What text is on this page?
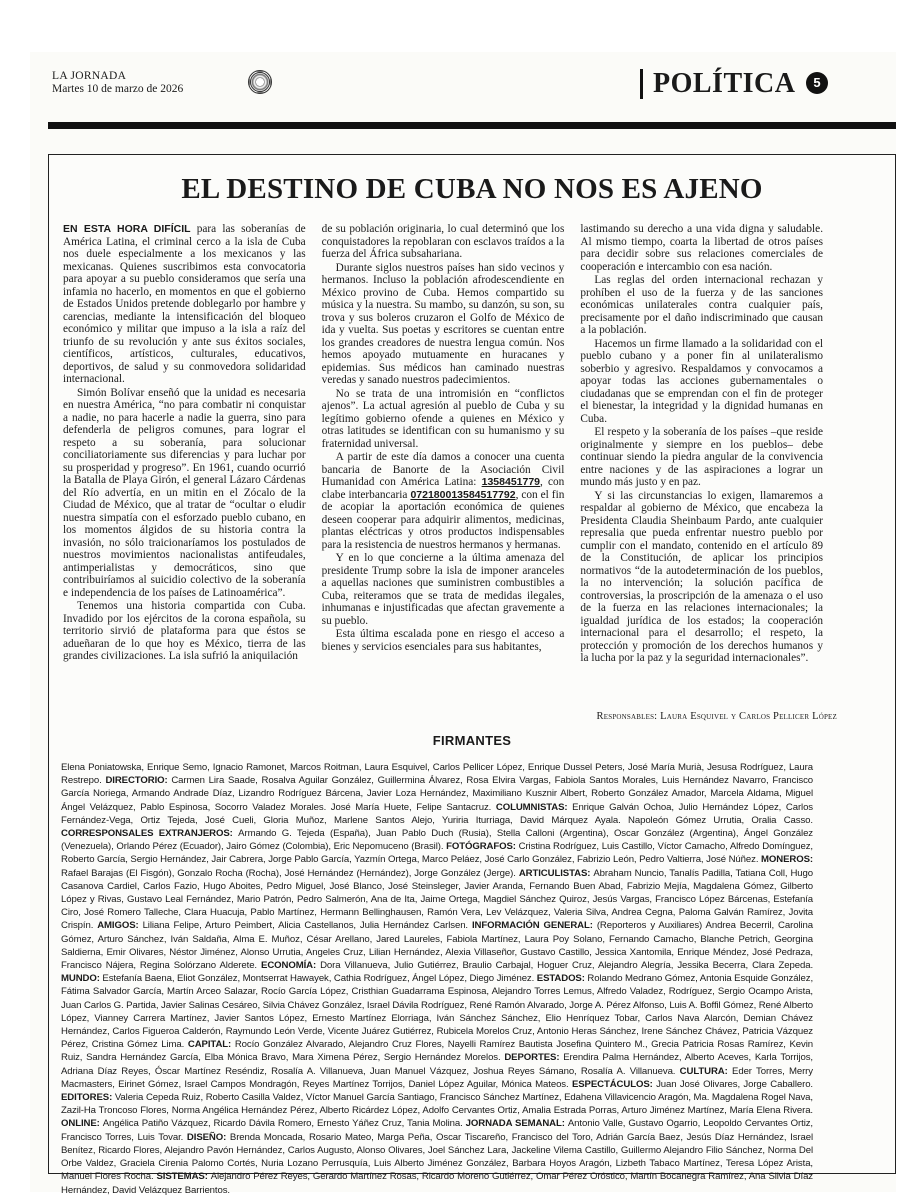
LA JORNADA
Martes 10 de marzo de 2026	POLÍTICA	5
EL DESTINO DE CUBA NO NOS ES AJENO

EN ESTA HORA DIFÍCIL para las soberanías de América Latina, el criminal cerco a la isla de Cuba nos duele especialmente a los mexicanos y las mexicanas. Quienes suscribimos esta convocatoria para apoyar a su pueblo consideramos que sería una infamia no hacerlo, en momentos en que el gobierno de Estados Unidos pretende doblegarlo por hambre y carencias, mediante la intensificación del bloqueo económico y militar que impuso a la isla a raíz del triunfo de su revolución y ante sus éxitos sociales, científicos, artísticos, culturales, educativos, deportivos, de salud y su conmovedora solidaridad internacional.

Simón Bolívar enseñó que la unidad es necesaria en nuestra América, “no para combatir ni conquistar a nadie, no para hacerle a nadie la guerra, sino para defenderla de peligros comunes, para lograr el respeto a su soberanía, para solucionar conciliatoriamente sus diferencias y para luchar por su prosperidad y progreso”. En 1961, cuando ocurrió la Batalla de Playa Girón, el general Lázaro Cárdenas del Río advertía, en un mitin en el Zócalo de la Ciudad de México, que al tratar de “ocultar o eludir nuestra simpatía con el esforzado pueblo cubano, en los momentos álgidos de su historia contra la invasión, no sólo traicionaríamos los postulados de nuestros movimientos nacionalistas antifeudales, antimperialistas y democráticos, sino que contribuiríamos al suicidio colectivo de la soberanía e independencia de los países de Latinoamérica”.

Tenemos una historia compartida con Cuba. Invadido por los ejércitos de la corona española, su territorio sirvió de plataforma para que éstos se adueñaran de lo que hoy es México, tierra de las grandes civilizaciones. La isla sufrió la aniquilación

de su población originaria, lo cual determinó que los conquistadores la repoblaran con esclavos traídos a la fuerza del África subsahariana.

Durante siglos nuestros países han sido vecinos y hermanos. Incluso la población afrodescendiente en México provino de Cuba. Hemos compartido su música y la nuestra. Su mambo, su danzón, su son, su trova y sus boleros cruzaron el Golfo de México de ida y vuelta. Sus poetas y escritores se cuentan entre los grandes creadores de nuestra lengua común. Nos hemos apoyado mutuamente en huracanes y epidemias. Sus médicos han caminado nuestras veredas y sanado nuestros padecimientos.

No se trata de una intromisión en “conflictos ajenos”. La actual agresión al pueblo de Cuba y su legítimo gobierno ofende a quienes en México y otras latitudes se identifican con su humanismo y su fraternidad universal.

A partir de este día damos a conocer una cuenta bancaria de Banorte de la Asociación Civil Humanidad con América Latina: 1358451779, con clabe interbancaria 072180013584517792, con el fin de acopiar la aportación económica de quienes deseen cooperar para adquirir alimentos, medicinas, plantas eléctricas y otros productos indispensables para la resistencia de nuestros hermanos y hermanas.

Y en lo que concierne a la última amenaza del presidente Trump sobre la isla de imponer aranceles a aquellas naciones que suministren combustibles a Cuba, reiteramos que se trata de medidas ilegales, inhumanas e injustificadas que afectan gravemente a su pueblo.

Esta última escalada pone en riesgo el acceso a bienes y servicios esenciales para sus habitantes,

lastimando su derecho a una vida digna y saludable. Al mismo tiempo, coarta la libertad de otros países para decidir sobre sus relaciones comerciales de cooperación e intercambio con esa nación.

Las reglas del orden internacional rechazan y prohíben el uso de la fuerza y de las sanciones económicas unilaterales contra cualquier país, precisamente por el daño indiscriminado que causan a la población.

Hacemos un firme llamado a la solidaridad con el pueblo cubano y a poner fin al unilateralismo soberbio y agresivo. Respaldamos y convocamos a apoyar todas las acciones gubernamentales o ciudadanas que se emprendan con el fin de proteger el bienestar, la integridad y la dignidad humanas en Cuba.

El respeto y la soberanía de los países –que reside originalmente y siempre en los pueblos– debe continuar siendo la piedra angular de la convivencia entre naciones y de las aspiraciones a lograr un mundo más justo y en paz.

Y si las circunstancias lo exigen, llamaremos a respaldar al gobierno de México, que encabeza la Presidenta Claudia Sheinbaum Pardo, ante cualquier represalia que pueda enfrentar nuestro pueblo por cumplir con el mandato, contenido en el artículo 89 de la Constitución, de aplicar los principios normativos “de la autodeterminación de los pueblos, la no intervención; la solución pacífica de controversias, la proscripción de la amenaza o el uso de la fuerza en las relaciones internacionales; la igualdad jurídica de los estados; la cooperación internacional para el desarrollo; el respeto, la protección y promoción de los derechos humanos y la lucha por la paz y la seguridad internacionales”.

Responsables: Laura Esquivel y Carlos Pellicer López
FIRMANTES
Elena Poniatowska, Enrique Semo, Ignacio Ramonet, Marcos Roitman, Laura Esquivel, Carlos Pellicer López, Enrique Dussel Peters, José María Murià, Jesusa Rodríguez, Laura Restrepo. DIRECTORIO: Carmen Lira Saade, Rosalva Aguilar González, Guillermina Álvarez, Rosa Elvira Vargas, Fabiola Santos Morales, Luis Hernández Navarro, Francisco García Noriega, Armando Andrade Díaz, Lizandro Rodríguez Bárcena, Javier Loza Hernández, Maximiliano Kusznir Albert, Roberto González Amador, Marcela Aldama, Miguel Ángel Velázquez, Pablo Espinosa, Socorro Valadez Morales. José María Huete, Felipe Santacruz. COLUMNISTAS: Enrique Galván Ochoa, Julio Hernández López, Carlos Fernández-Vega, Ortiz Tejeda, José Cueli, Gloria Muñoz, Marlene Santos Alejo, Yuriria Iturriaga, David Márquez Ayala. Napoleón Gómez Urrutia, Oralia Casso. CORRESPONSALES EXTRANJEROS: Armando G. Tejeda (España), Juan Pablo Duch (Rusia), Stella Calloni (Argentina), Oscar González (Argentina), Ángel González (Venezuela), Orlando Pérez (Ecuador), Jairo Gómez (Colombia), Eric Nepomuceno (Brasil). FOTÓGRAFOS: Cristina Rodríguez, Luis Castillo, Víctor Camacho, Alfredo Domínguez, Roberto García, Sergio Hernández, Jair Cabrera, Jorge Pablo García, Yazmín Ortega, Marco Peláez, José Carlo González, Fabrizio León, Pedro Valtierra, José Núñez. MONEROS: Rafael Barajas (El Fisgón), Gonzalo Rocha (Rocha), José Hernández (Hernández), Jorge González (Jerge). ARTICULISTAS: Abraham Nuncio, Tanalís Padilla, Tatiana Coll, Hugo Casanova Cardiel, Carlos Fazio, Hugo Aboites, Pedro Miguel, José Blanco, José Steinsleger, Javier Aranda, Fernando Buen Abad, Fabrizio Mejía, Magdalena Gómez, Gilberto López y Rivas, Gustavo Leal Fernández, Mario Patrón, Pedro Salmerón, Ana de Ita, Jaime Ortega, Magdiel Sánchez Quiroz, Jesús Vargas, Francisco López Bárcenas, Estefanía Ciro, José Romero Talleche, Clara Huacuja, Pablo Martínez, Hermann Bellinghausen, Ramón Vera, Lev Velázquez, Valeria Silva, Andrea Cegna, Paloma Galván Ramírez, Jovita Crispín. AMIGOS: Liliana Felipe, Arturo Peimbert, Alicia Castellanos, Julia Hernández Carlsen. INFORMACIÓN GENERAL: (Reporteros y Auxiliares) Andrea Becerril, Carolina Gómez, Arturo Sánchez, Iván Saldaña, Alma E. Muñoz, César Arellano, Jared Laureles, Fabiola Martínez, Laura Poy Solano, Fernando Camacho, Blanche Petrich, Georgina Saldierna, Emir Olivares, Néstor Jiménez, Alonso Urrutia, Angeles Cruz, Lilian Hernández, Alexia Villaseñor, Gustavo Castillo, Jessica Xantomila, Enrique Méndez, José Pedraza, Francisco Nájera, Regina Solórzano Alderete. ECONOMÍA: Dora Villanueva, Julio Gutiérrez, Braulio Carbajal, Hoguer Cruz, Alejandro Alegría, Jessika Becerra, Clara Zepeda. MUNDO: Estefanía Baena, Eliot González, Montserrat Hawayek, Cathia Rodríguez, Ángel López, Diego Jiménez. ESTADOS: Rolando Medrano Gómez, Antonia Esquide González, Fátima Salvador García, Martín Arceo Salazar, Rocío García López, Cristhian Guadarrama Espinosa, Alejandro Torres Lemus, Alfredo Valadez, Rodríguez, Sergio Ocampo Arista, Juan Carlos G. Partida, Javier Salinas Cesáreo, Silvia Chávez González, Israel Dávila Rodríguez, René Ramón Alvarado, Jorge A. Pérez Alfonso, Luis A. Boffil Gómez, René Alberto López, Vianney Carrera Martínez, Javier Santos López, Ernesto Martínez Elorriaga, Iván Sánchez Sánchez, Elio Henríquez Tobar, Carlos Nava Alarcón, Demian Chávez Hernández, Carlos Figueroa Calderón, Raymundo León Verde, Vicente Juárez Gutiérrez, Rubicela Morelos Cruz, Antonio Heras Sánchez, Irene Sánchez Chávez, Patricia Vázquez Pérez, Cristina Gómez Lima. CAPITAL: Rocío González Alvarado, Alejandro Cruz Flores, Nayelli Ramírez Bautista Josefina Quintero M., Grecia Patricia Rosas Ramírez, Kevin Ruiz, Sandra Hernández García, Elba Mónica Bravo, Mara Ximena Pérez, Sergio Hernández Morelos. DEPORTES: Erendira Palma Hernández, Alberto Aceves, Karla Torrijos, Adriana Díaz Reyes, Óscar Martínez Reséndiz, Rosalía A. Villanueva, Juan Manuel Vázquez, Joshua Reyes Sámano, Rosalía A. Villanueva. CULTURA: Eder Torres, Merry Macmasters, Eirinet Gómez, Israel Campos Mondragón, Reyes Martínez Torrijos, Daniel López Aguilar, Mónica Mateos. ESPECTÁCULOS: Juan José Olivares, Jorge Caballero. EDITORES: Valeria Cepeda Ruiz, Roberto Casilla Valdez, Víctor Manuel García Santiago, Francisco Sánchez Martínez, Edahena Villavicencio Aragón, Ma. Magdalena Rogel Nava, Zazil-Ha Troncoso Flores, Norma Angélica Hernández Pérez, Alberto Ricárdez López, Adolfo Cervantes Ortiz, Amalia Estrada Porras, Arturo Jiménez Martínez, María Elena Rivera. ONLINE: Angélica Patiño Vázquez, Ricardo Dávila Romero, Ernesto Yáñez Cruz, Tania Molina. JORNADA SEMANAL: Antonio Valle, Gustavo Ogarrio, Leopoldo Cervantes Ortiz, Francisco Torres, Luis Tovar. DISEÑO: Brenda Moncada, Rosario Mateo, Marga Peña, Oscar Tiscareño, Francisco del Toro, Adrián García Baez, Jesús Díaz Hernández, Israel Benítez, Ricardo Flores, Alejandro Pavón Hernández, Carlos Augusto, Alonso Olivares, Joel Sánchez Lara, Jackeline Vilema Castillo, Guillermo Alejandro Filio Sánchez, Norma Del Orbe Valdez, Graciela Cirenia Palomo Cortés, Nuria Lozano Perrusquía, Luis Alberto Jiménez González, Barbara Hoyos Aragón, Lizbeth Tabaco Martínez, Teresa López Arista, Manuel Flores Rocha. SISTEMAS: Alejandro Pérez Reyes, Gerardo Martínez Rosas, Ricardo Moreno Gutiérrez, Omar Pérez Oróstico, Martín Bocanegra Ramírez, Ana Silvia Díaz Hernández, David Velázquez Barrientos.
